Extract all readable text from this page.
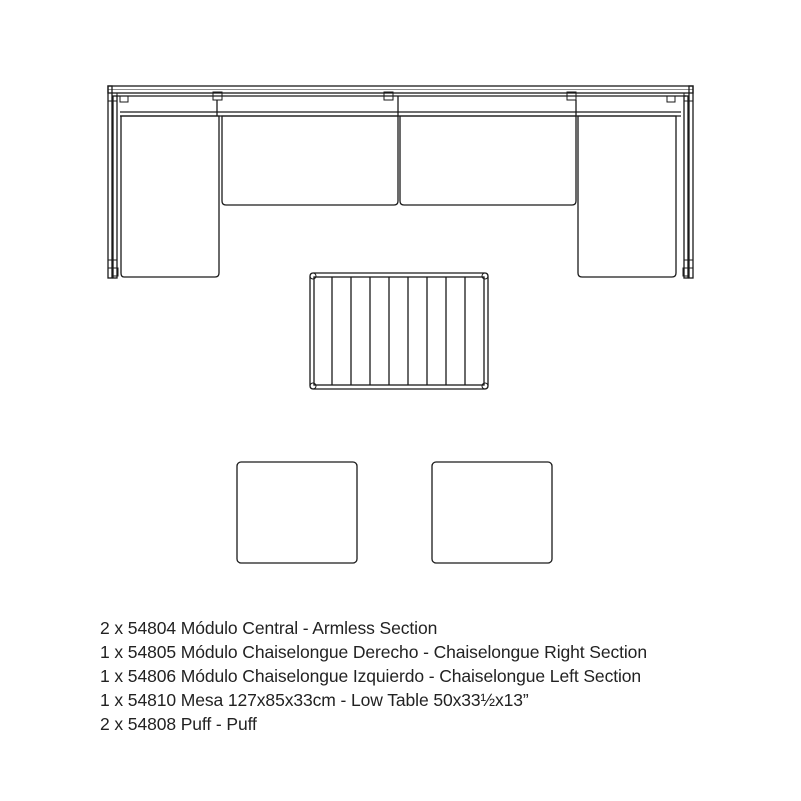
2 x 54804 Módulo Central - Armless Section
1 x 54805 Módulo Chaiselongue Derecho - Chaiselongue Right Section
1 x 54806 Módulo Chaiselongue Izquierdo - Chaiselongue Left Section
1 x 54810 Mesa 127x85x33cm - Low Table 50x33½x13”
2 x 54808 Puff - Puff
